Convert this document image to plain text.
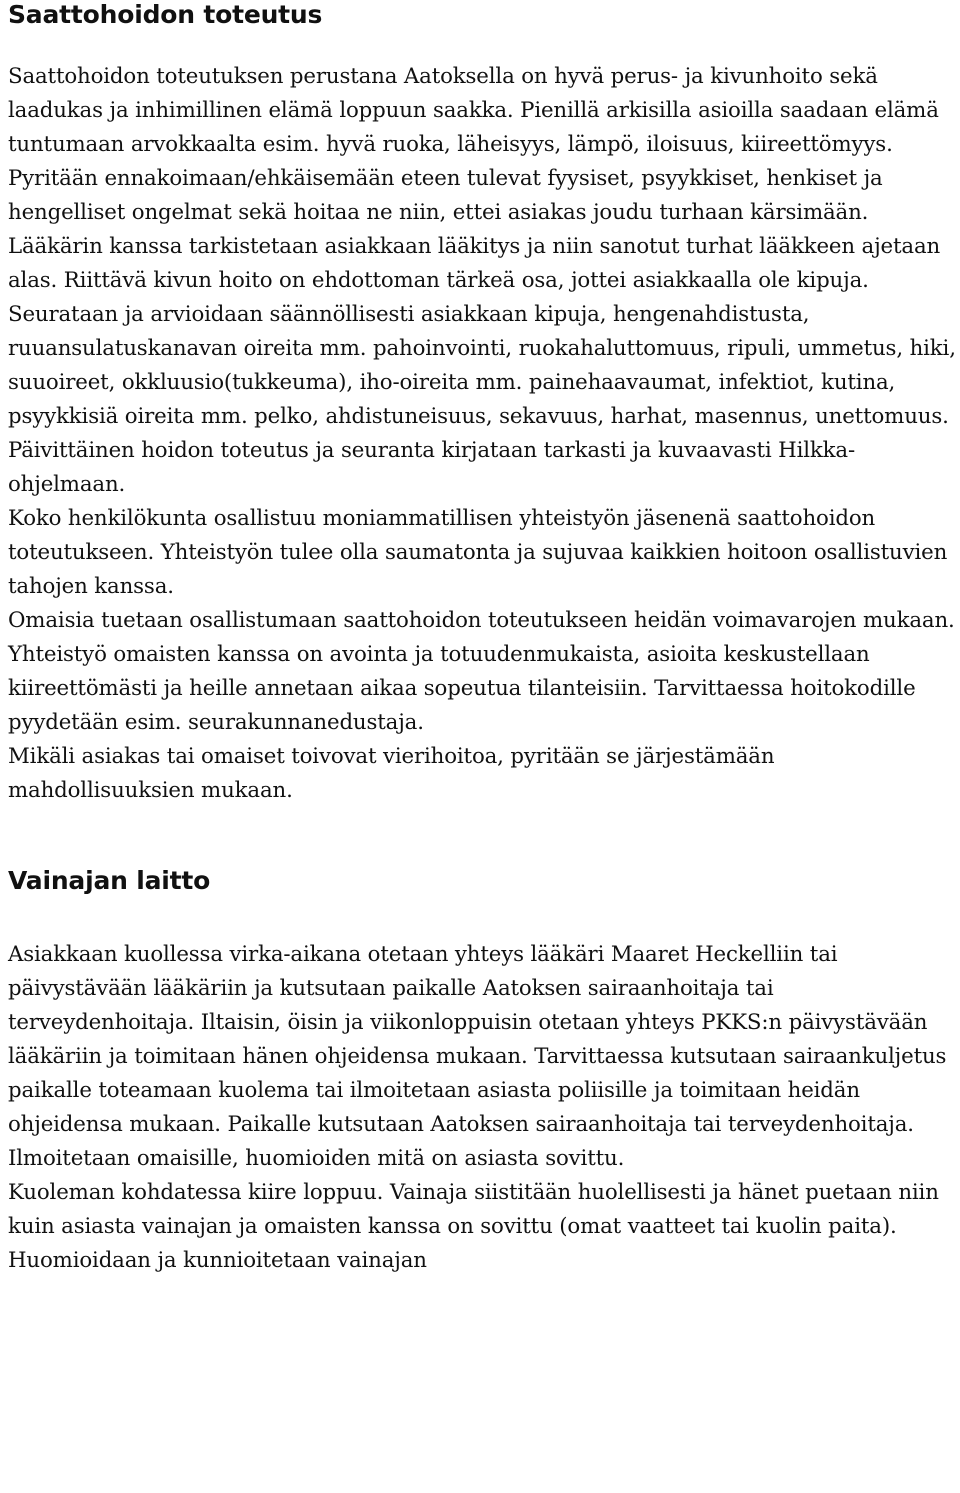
Saattohoidon toteutus

Saattohoidon toteutuksen perustana Aatoksella on hyvä perus- ja kivunhoito sekä laadukas ja inhimillinen elämä loppuun saakka. Pienillä arkisilla asioilla saadaan elämä tuntumaan arvokkaalta esim. hyvä ruoka, läheisyys, lämpö, iloisuus, kiireettömyys. Pyritään ennakoimaan/ehkäisemään eteen tulevat fyysiset, psyykkiset, henkiset ja hengelliset ongelmat sekä hoitaa ne niin, ettei asiakas joudu turhaan kärsimään. Lääkärin kanssa tarkistetaan asiakkaan lääkitys ja niin sanotut turhat lääkkeen ajetaan alas. Riittävä kivun hoito on ehdottoman tärkeä osa, jottei asiakkaalla ole kipuja. Seurataan ja arvioidaan säännöllisesti asiakkaan kipuja, hengenahdistusta, ruuansulatuskanavan oireita mm. pahoinvointi, ruokahaluttomuus, ripuli, ummetus, hiki, suuoireet, okkluusio(tukkeuma), iho-oireita mm. painehaavaumat, infektiot, kutina, psyykkisiä oireita mm. pelko, ahdistuneisuus, sekavuus, harhat, masennus, unettomuus. Päivittäinen hoidon toteutus ja seuranta kirjataan tarkasti ja kuvaavasti Hilkka-ohjelmaan.

Koko henkilökunta osallistuu moniammatillisen yhteistyön jäsenenä saattohoidon toteutukseen. Yhteistyön tulee olla saumatonta ja sujuvaa kaikkien hoitoon osallistuvien tahojen kanssa.

Omaisia tuetaan osallistumaan saattohoidon toteutukseen heidän voimavarojen mukaan. Yhteistyö omaisten kanssa on avointa ja totuudenmukaista, asioita keskustellaan kiireettömästi ja heille annetaan aikaa sopeutua tilanteisiin. Tarvittaessa hoitokodille pyydetään esim. seurakunnanedustaja.

Mikäli asiakas tai omaiset toivovat vierihoitoa, pyritään se järjestämään mahdollisuuksien mukaan.

Vainajan laitto

Asiakkaan kuollessa virka-aikana otetaan yhteys lääkäri Maaret Heckelliin tai päivystävään lääkäriin ja kutsutaan paikalle Aatoksen sairaanhoitaja tai terveydenhoitaja. Iltaisin, öisin ja viikonloppuisin otetaan yhteys PKKS:n päivystävään lääkäriin ja toimitaan hänen ohjeidensa mukaan. Tarvittaessa kutsutaan sairaankuljetus paikalle toteamaan kuolema tai ilmoitetaan asiasta poliisille ja toimitaan heidän ohjeidensa mukaan. Paikalle kutsutaan Aatoksen sairaanhoitaja tai terveydenhoitaja.

Ilmoitetaan omaisille, huomioiden mitä on asiasta sovittu.

Kuoleman kohdatessa kiire loppuu. Vainaja siistitään huolellisesti ja hänet puetaan niin kuin asiasta vainajan ja omaisten kanssa on sovittu (omat vaatteet tai kuolin paita). Huomioidaan ja kunnioitetaan vainajan
